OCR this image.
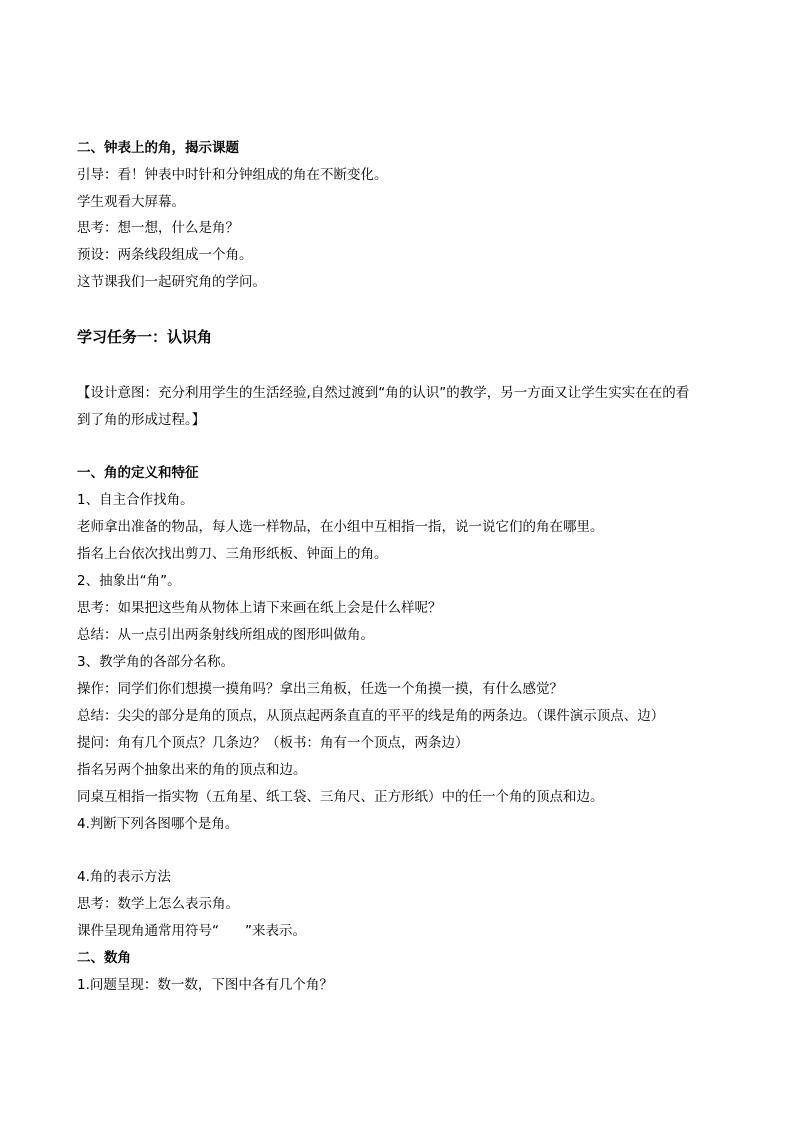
二、钟表上的角，揭示课题
引导：看！钟表中时针和分钟组成的角在不断变化。
学生观看大屏幕。
思考：想一想，什么是角？
预设：两条线段组成一个角。
这节课我们一起研究角的学问。
学习任务一：认识角
【设计意图：充分利用学生的生活经验,自然过渡到“角的认识”的教学，另一方面又让学生实实在在的看
到了角的形成过程。】
一、角的定义和特征
1、自主合作找角。
老师拿出准备的物品，每人选一样物品，在小组中互相指一指，说一说它们的角在哪里。
指名上台依次找出剪刀、三角形纸板、钟面上的角。
2、抽象出“角”。
思考：如果把这些角从物体上请下来画在纸上会是什么样呢？
总结：从一点引出两条射线所组成的图形叫做角。
3、教学角的各部分名称。
操作：同学们你们想摸一摸角吗？拿出三角板，任选一个角摸一摸，有什么感觉？
总结：尖尖的部分是角的顶点，从顶点起两条直直的平平的线是角的两条边。（课件演示顶点、边）
提问：角有几个顶点？几条边？（板书：角有一个顶点，两条边）
指名另两个抽象出来的角的顶点和边。
同桌互相指一指实物（五角星、纸工袋、三角尺、正方形纸）中的任一个角的顶点和边。
4.判断下列各图哪个是角。
4.角的表示方法
思考：数学上怎么表示角。
课件呈现角通常用符号“ ”来表示。
二、数角
1.问题呈现：数一数，下图中各有几个角？
